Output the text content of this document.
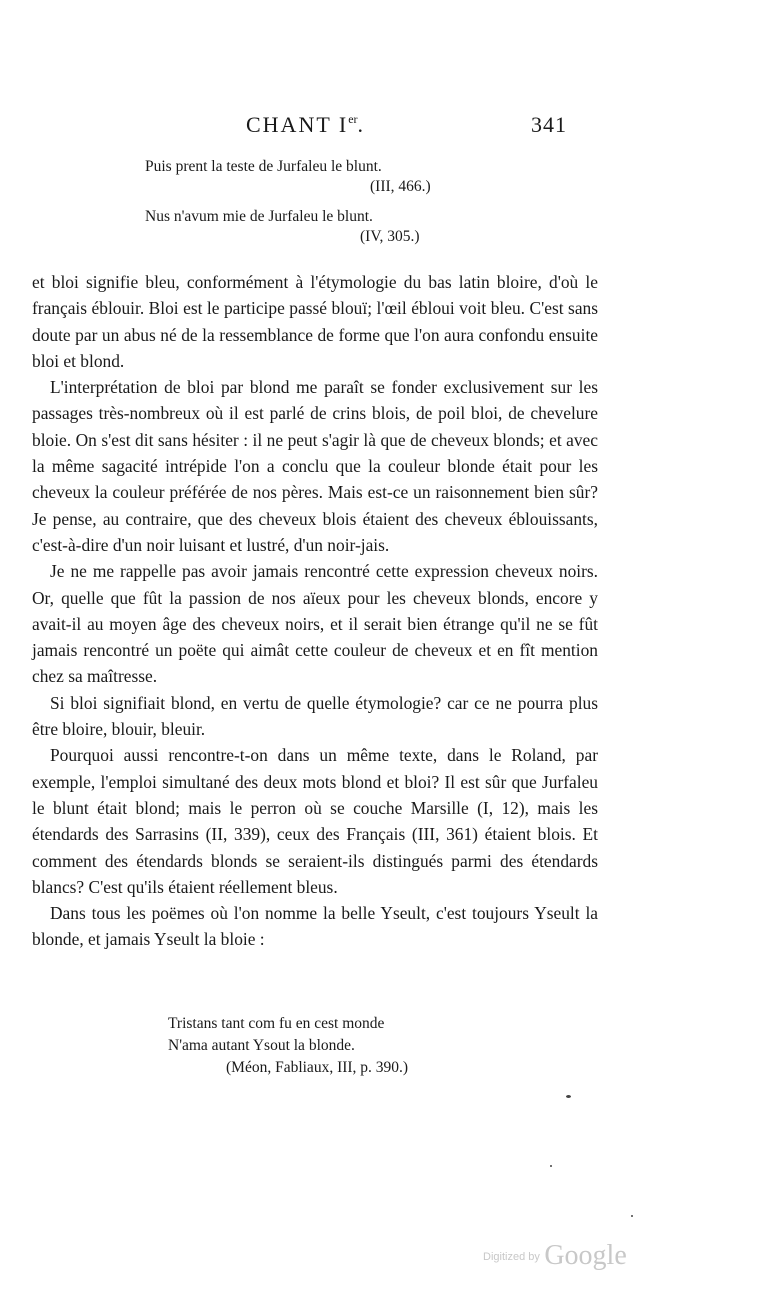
CHANT Ier.	341
Puis prent la teste de Jurfaleu le blunt.
(III, 466.)
Nus n'avum mie de Jurfaleu le blunt.
(IV, 305.)

et bloi signifie bleu, conformément à l'étymologie du bas latin bloire, d'où le français éblouir. Bloi est le participe passé blouï; l'œil ébloui voit bleu. C'est sans doute par un abus né de la ressemblance de forme que l'on aura confondu ensuite bloi et blond.

L'interprétation de bloi par blond me paraît se fonder exclusivement sur les passages très-nombreux où il est parlé de crins blois, de poil bloi, de chevelure bloie. On s'est dit sans hésiter : il ne peut s'agir là que de cheveux blonds; et avec la même sagacité intrépide l'on a conclu que la couleur blonde était pour les cheveux la couleur préférée de nos pères. Mais est-ce un raisonnement bien sûr? Je pense, au contraire, que des cheveux blois étaient des cheveux éblouissants, c'est-à-dire d'un noir luisant et lustré, d'un noir-jais.

Je ne me rappelle pas avoir jamais rencontré cette expression cheveux noirs. Or, quelle que fût la passion de nos aïeux pour les cheveux blonds, encore y avait-il au moyen âge des cheveux noirs, et il serait bien étrange qu'il ne se fût jamais rencontré un poëte qui aimât cette couleur de cheveux et en fît mention chez sa maîtresse.

Si bloi signifiait blond, en vertu de quelle étymologie? car ce ne pourra plus être bloire, blouir, bleuir.

Pourquoi aussi rencontre-t-on dans un même texte, dans le Roland, par exemple, l'emploi simultané des deux mots blond et bloi? Il est sûr que Jurfaleu le blunt était blond; mais le perron où se couche Marsille (I, 12), mais les étendards des Sarrasins (II, 339), ceux des Français (III, 361) étaient blois. Et comment des étendards blonds se seraient-ils distingués parmi des étendards blancs? C'est qu'ils étaient réellement bleus.

Dans tous les poëmes où l'on nomme la belle Yseult, c'est toujours Yseult la blonde, et jamais Yseult la bloie :

Tristans tant com fu en cest monde
N'ama autant Ysout la blonde.
(Méon, Fabliaux, III, p. 390.)
$^{Digitized by}$ Google
